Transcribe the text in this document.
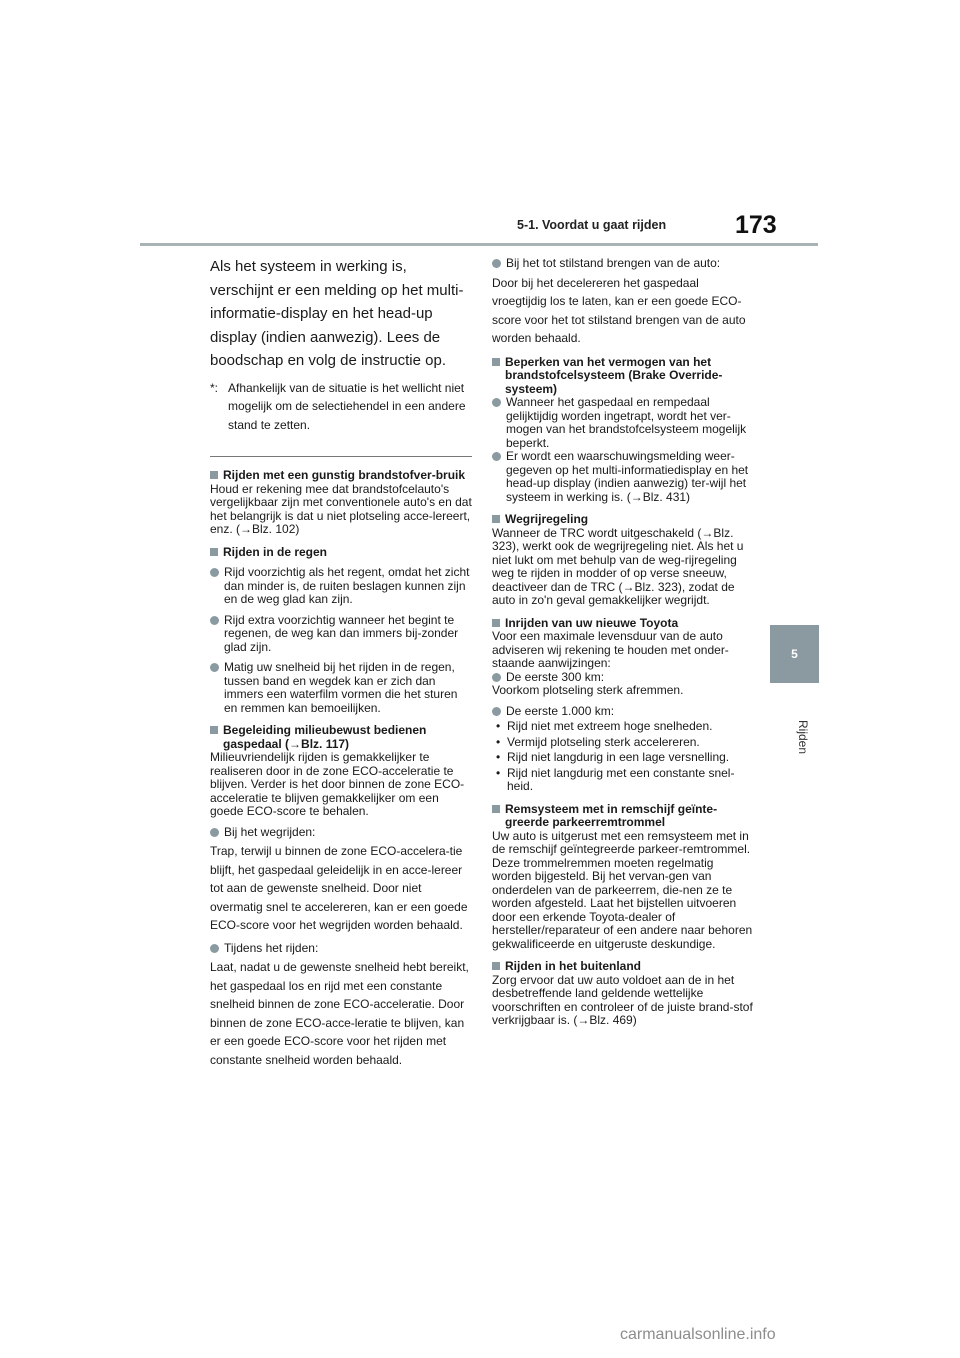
5-1. Voordat u gaat rijden	173
5
Rijden

Als het systeem in werking is, verschijnt er een melding op het multi-informatie-display en het head-up display (indien aanwezig). Lees de boodschap en volg de instructie op.

*: Afhankelijk van de situatie is het wellicht niet mogelijk om de selectiehendel in een andere stand te zetten.
Rijden met een gunstig brandstofver-bruik

Houd er rekening mee dat brandstofcelauto's vergelijkbaar zijn met conventionele auto's en dat het belangrijk is dat u niet plotseling acce-lereert, enz. (→Blz. 102)

Rijden in de regen
Rijd voorzichtig als het regent, omdat het zicht dan minder is, de ruiten beslagen kunnen zijn en de weg glad kan zijn.
Rijd extra voorzichtig wanneer het begint te regenen, de weg kan dan immers bij-zonder glad zijn.
Matig uw snelheid bij het rijden in de regen, tussen band en wegdek kan er zich dan immers een waterfilm vormen die het sturen en remmen kan bemoeilijken.
Begeleiding milieubewust bedienen gaspedaal (→Blz. 117)

Milieuvriendelijk rijden is gemakkelijker te realiseren door in de zone ECO-acceleratie te blijven. Verder is het door binnen de zone ECO-acceleratie te blijven gemakkelijker om een goede ECO-score te behalen.

Bij het wegrijden:

Trap, terwijl u binnen de zone ECO-accelera-tie blijft, het gaspedaal geleidelijk in en acce-lereer tot aan de gewenste snelheid. Door niet overmatig snel te accelereren, kan er een goede ECO-score voor het wegrijden worden behaald.

Tijdens het rijden:

Laat, nadat u de gewenste snelheid hebt bereikt, het gaspedaal los en rijd met een constante snelheid binnen de zone ECO-acceleratie. Door binnen de zone ECO-acce-leratie te blijven, kan er een goede ECO-score voor het rijden met constante snelheid worden behaald.

Bij het tot stilstand brengen van de auto:

Door bij het decelereren het gaspedaal vroegtijdig los te laten, kan er een goede ECO-score voor het tot stilstand brengen van de auto worden behaald.

Beperken van het vermogen van het brandstofcelsysteem (Brake Override-systeem)
Wanneer het gaspedaal en rempedaal gelijktijdig worden ingetrapt, wordt het ver-mogen van het brandstofcelsysteem mogelijk beperkt.
Er wordt een waarschuwingsmelding weer-gegeven op het multi-informatiedisplay en het head-up display (indien aanwezig) ter-wijl het systeem in werking is. (→Blz. 431)
Wegrijregeling

Wanneer de TRC wordt uitgeschakeld (→Blz. 323), werkt ook de wegrijregeling niet. Als het u niet lukt om met behulp van de weg-rijregeling weg te rijden in modder of op verse sneeuw, deactiveer dan de TRC (→Blz. 323), zodat de auto in zo'n geval gemakkelijker wegrijdt.

Inrijden van uw nieuwe Toyota

Voor een maximale levensduur van de auto adviseren wij rekening te houden met onder-staande aanwijzingen:

De eerste 300 km:

Voorkom plotseling sterk afremmen.

De eerste 1.000 km:
• Rijd niet met extreem hoge snelheden.
• Vermijd plotseling sterk accelereren.
• Rijd niet langdurig in een lage versnelling.
• Rijd niet langdurig met een constante snel-heid.
Remsysteem met in remschijf geïnte-greerde parkeerremtrommel

Uw auto is uitgerust met een remsysteem met in de remschijf geïntegreerde parkeer-remtrommel. Deze trommelremmen moeten regelmatig worden bijgesteld. Bij het vervan-gen van onderdelen van de parkeerrem, die-nen ze te worden afgesteld. Laat het bijstellen uitvoeren door een erkende Toyota-dealer of hersteller/reparateur of een andere naar behoren gekwalificeerde en uitgeruste deskundige.

Rijden in het buitenland

Zorg ervoor dat uw auto voldoet aan de in het desbetreffende land geldende wettelijke voorschriften en controleer of de juiste brand-stof verkrijgbaar is. (→Blz. 469)

carmanualsonline.info
